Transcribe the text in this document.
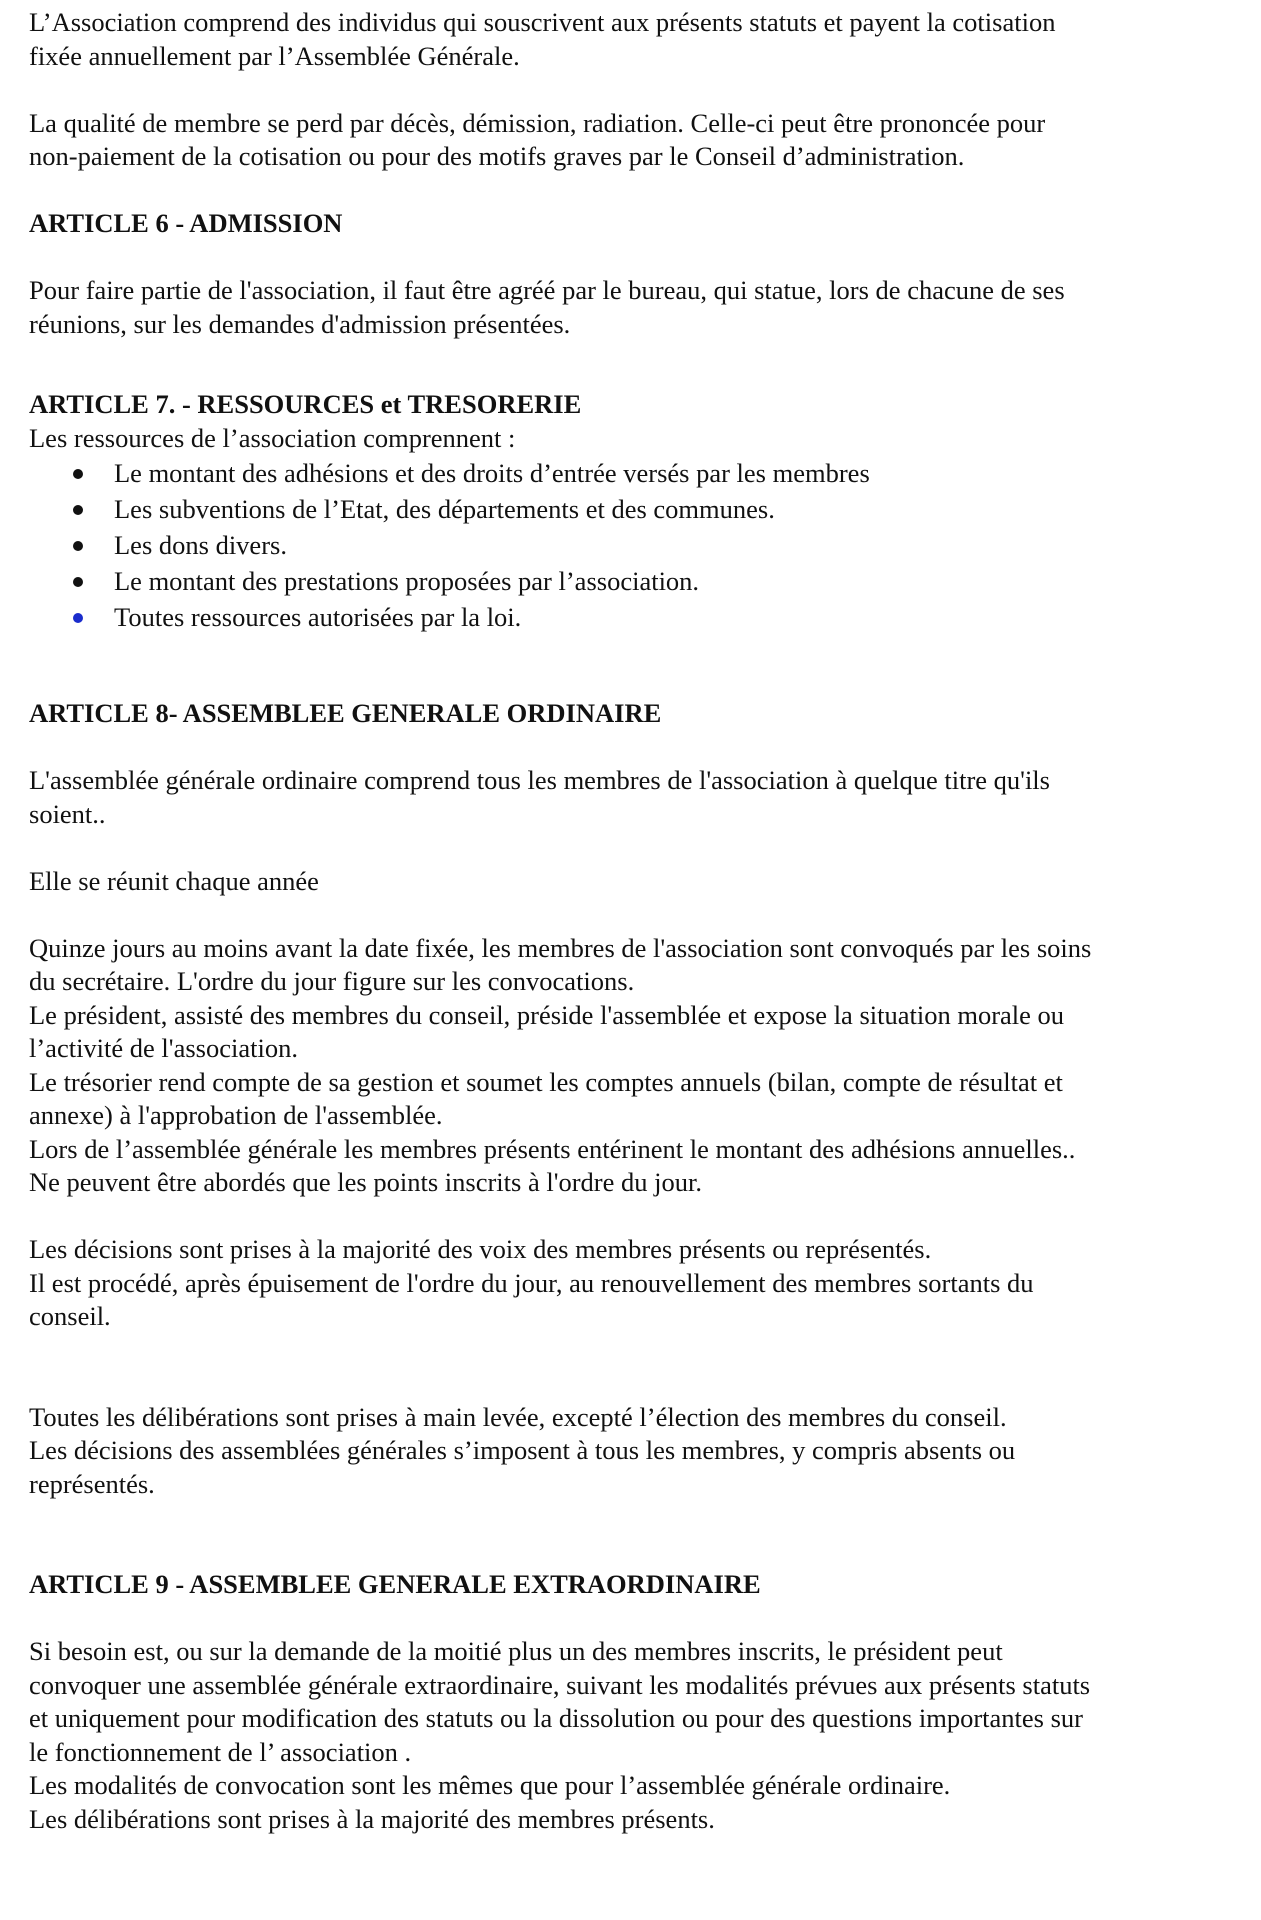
L’Association comprend des individus qui souscrivent aux présents statuts et payent la cotisation
fixée annuellement par l’Assemblée Générale.
La qualité de membre se perd par décès, démission, radiation. Celle-ci peut être prononcée pour
non-paiement de la cotisation ou pour des motifs graves par le Conseil d’administration.
ARTICLE 6 - ADMISSION
Pour faire partie de l'association, il faut être agréé par le bureau, qui statue, lors de chacune de ses
réunions, sur les demandes d'admission présentées.
ARTICLE 7. - RESSOURCES et TRESORERIE
Les ressources de l’association comprennent :
Le montant des adhésions et des droits d’entrée versés par les membres
Les subventions de l’Etat, des départements et des communes.
Les dons divers.
Le montant des prestations proposées par l’association.
Toutes ressources autorisées par la loi.
ARTICLE 8- ASSEMBLEE GENERALE ORDINAIRE
L'assemblée générale ordinaire comprend tous les membres de l'association à quelque titre qu'ils
soient..
Elle se réunit chaque année
Quinze jours au moins avant la date fixée, les membres de l'association sont convoqués par les soins
du secrétaire. L'ordre du jour figure sur les convocations.
Le président, assisté des membres du conseil, préside l'assemblée et expose la situation morale ou
l’activité de l'association.
Le trésorier rend compte de sa gestion et soumet les comptes annuels (bilan, compte de résultat et
annexe) à l'approbation de l'assemblée.
Lors de l’assemblée générale les membres présents entérinent le montant des adhésions annuelles..
Ne peuvent être abordés que les points inscrits à l'ordre du jour.
Les décisions sont prises à la majorité des voix des membres présents ou représentés.
Il est procédé, après épuisement de l'ordre du jour, au renouvellement des membres sortants du
conseil.
Toutes les délibérations sont prises à main levée, excepté l’élection des membres du conseil.
Les décisions des assemblées générales s’imposent à tous les membres, y compris absents ou
représentés.
ARTICLE 9 - ASSEMBLEE GENERALE EXTRAORDINAIRE
Si besoin est, ou sur la demande de la moitié plus un des membres inscrits, le président peut
convoquer une assemblée générale extraordinaire, suivant les modalités prévues aux présents statuts
et uniquement pour modification des statuts ou la dissolution ou pour des questions importantes sur
le fonctionnement de l’ association .
Les modalités de convocation sont les mêmes que pour l’assemblée générale ordinaire.
Les délibérations sont prises à la majorité des membres présents.
